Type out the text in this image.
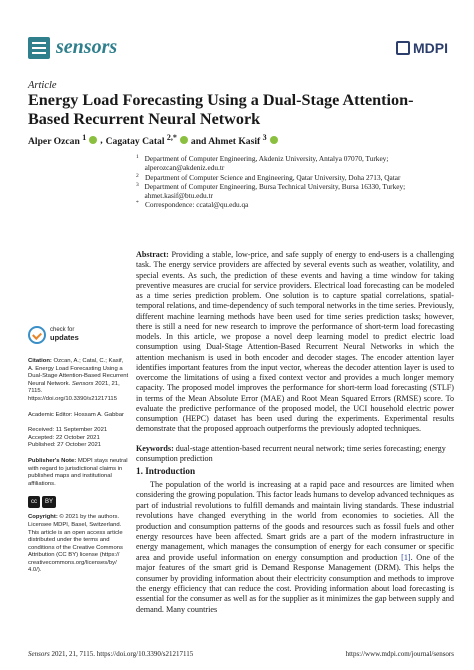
sensors	MDPI
Article
Energy Load Forecasting Using a Dual-Stage Attention-Based Recurrent Neural Network
Alper Ozcan $^1$ , Cagatay Catal $^{2,*}$ and Ahmet Kasif $^3$
1 Department of Computer Engineering, Akdeniz University, Antalya 07070, Turkey; alperozcan@akdeniz.edu.tr
2 Department of Computer Science and Engineering, Qatar University, Doha 2713, Qatar
3 Department of Computer Engineering, Bursa Technical University, Bursa 16330, Turkey; ahmet.kasif@btu.edu.tr
* Correspondence: ccatal@qu.edu.qa
Abstract: Providing a stable, low-price, and safe supply of energy to end-users is a challenging task. The energy service providers are affected by several events such as weather, volatility, and special events. As such, the prediction of these events and having a time window for taking preventive measures are crucial for service providers. Electrical load forecasting can be modeled as a time series prediction problem. One solution is to capture spatial correlations, spatial-temporal relations, and time-dependency of such temporal networks in the time series. Previously, different machine learning methods have been used for time series prediction tasks; however, there is still a need for new research to improve the performance of short-term load forecasting models. In this article, we propose a novel deep learning model to predict electric load consumption using Dual-Stage Attention-Based Recurrent Neural Networks in which the attention mechanism is used in both encoder and decoder stages. The encoder attention layer identifies important features from the input vector, whereas the decoder attention layer is used to overcome the limitations of using a fixed context vector and provides a much longer memory capacity. The proposed model improves the performance for short-term load forecasting (STLF) in terms of the Mean Absolute Error (MAE) and Root Mean Squared Errors (RMSE) score. To evaluate the predictive performance of the proposed model, the UCI household electric power consumption (HEPC) dataset has been used during the experiments. Experimental results demonstrate that the proposed approach outperforms the previously adopted techniques.
Keywords: dual-stage attention-based recurrent neural network; time series forecasting; energy consumption prediction
check for
updates
Citation: Ozcan, A.; Catal, C.; Kasif, A. Energy Load Forecasting Using a Dual-Stage Attention-Based Recurrent Neural Network. Sensors 2021, 21, 7115. https://doi.org/10.3390/s21217115
Academic Editor: Hossam A. Gabbar
Received: 11 September 2021
Accepted: 22 October 2021
Published: 27 October 2021
Publisher's Note: MDPI stays neutral with regard to jurisdictional claims in published maps and institutional affiliations.
cc	BY
Copyright: © 2021 by the authors. Licensee MDPI, Basel, Switzerland. This article is an open access article distributed under the terms and conditions of the Creative Commons Attribution (CC BY) license (https:// creativecommons.org/licenses/by/ 4.0/).
1. Introduction
The population of the world is increasing at a rapid pace and resources are limited when considering the growing population. This factor leads humans to develop advanced techniques as part of industrial revolutions to fulfill demands and maintain living standards. These industrial revolutions have changed everything in the world from economies to societies. All the production and consumption patterns of the goods and resources such as fossil fuels and other energy resources have been affected. Smart grids are a part of the modern infrastructure in energy management, which manages the consumption of energy for each consumer or specific area and provide useful information on energy consumption and production [1]. One of the major features of the smart grid is Demand Response Management (DRM). This helps the consumer by providing information about their electricity consumption and methods to improve the energy efficiency that can reduce the cost. Providing information about load forecasting is essential for the consumer as well as for the supplier as it minimizes the gap between supply and demand. Many countries
Sensors 2021, 21, 7115. https://doi.org/10.3390/s21217115	https://www.mdpi.com/journal/sensors
